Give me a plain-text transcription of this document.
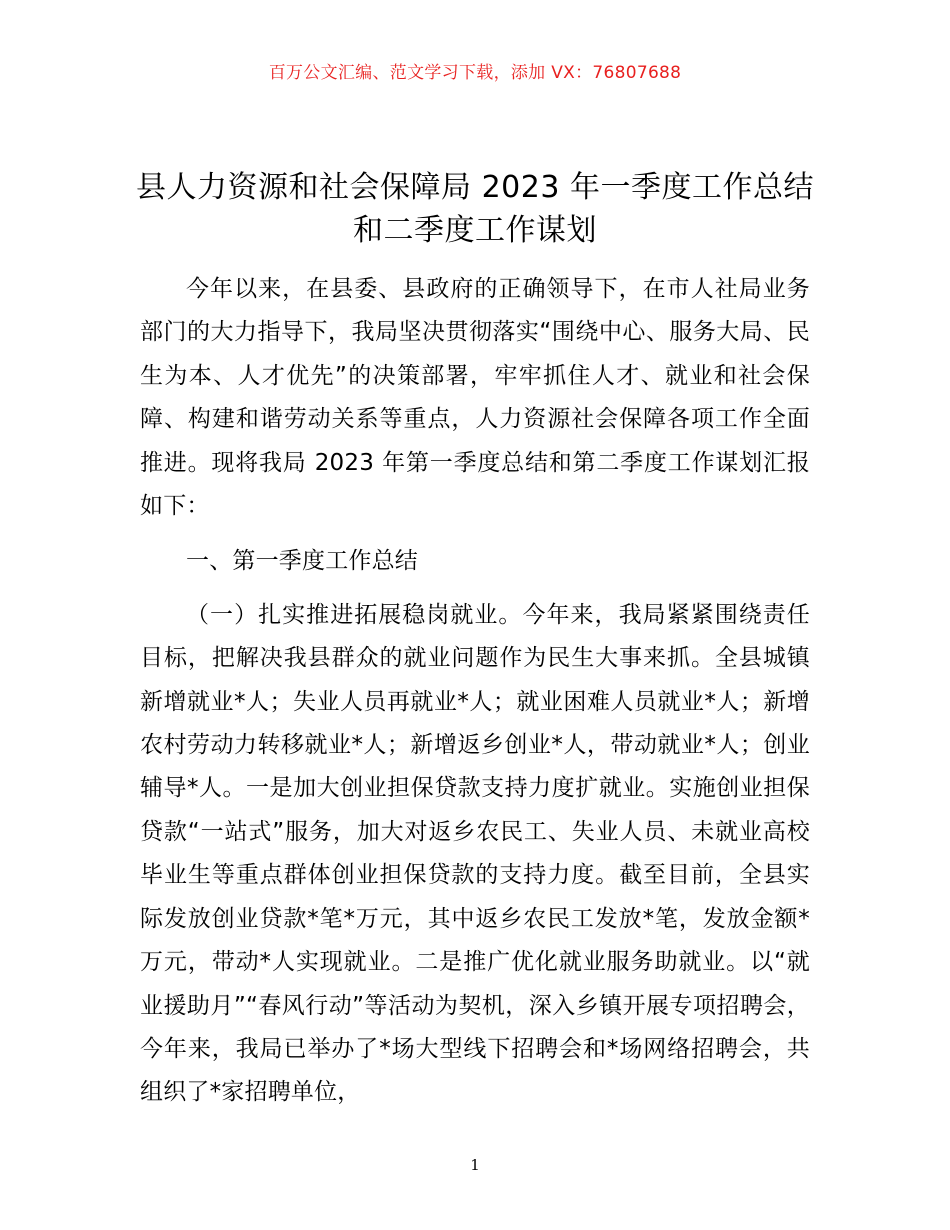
百万公文汇编、范文学习下载，添加 VX：76807688
县人力资源和社会保障局 2023 年一季度工作总结和二季度工作谋划

今年以来，在县委、县政府的正确领导下，在市人社局业务部门的大力指导下，我局坚决贯彻落实“围绕中心、服务大局、民生为本、人才优先”的决策部署，牢牢抓住人才、就业和社会保障、构建和谐劳动关系等重点，人力资源社会保障各项工作全面推进。现将我局 2023 年第一季度总结和第二季度工作谋划汇报如下：

一、第一季度工作总结

（一）扎实推进拓展稳岗就业。今年来，我局紧紧围绕责任目标，把解决我县群众的就业问题作为民生大事来抓。全县城镇新增就业*人；失业人员再就业*人；就业困难人员就业*人；新增农村劳动力转移就业*人；新增返乡创业*人，带动就业*人；创业辅导*人。一是加大创业担保贷款支持力度扩就业。实施创业担保贷款“一站式”服务，加大对返乡农民工、失业人员、未就业高校毕业生等重点群体创业担保贷款的支持力度。截至目前，全县实际发放创业贷款*笔*万元，其中返乡农民工发放*笔，发放金额*万元，带动*人实现就业。二是推广优化就业服务助就业。以“就业援助月”“春风行动”等活动为契机，深入乡镇开展专项招聘会，今年来，我局已举办了*场大型线下招聘会和*场网络招聘会，共组织了*家招聘单位，

1
